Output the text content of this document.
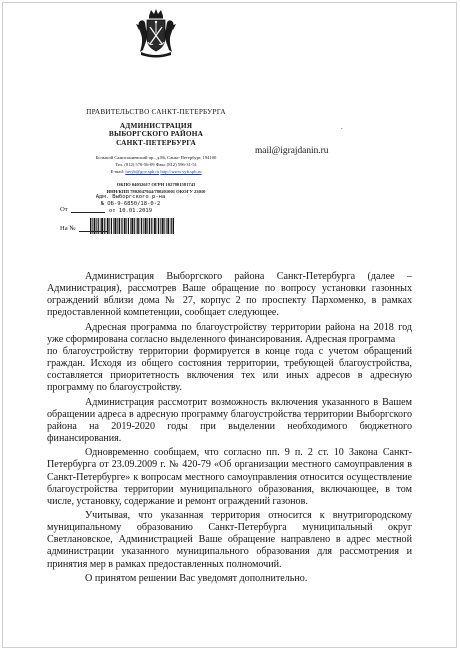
ПРАВИТЕЛЬСТВО САНКТ-ПЕТЕРБУРГА
АДМИНИСТРАЦИЯ
ВЫБОРГСКОГО РАЙОНА
САНКТ-ПЕТЕРБУРГА
Большой Сампсониевский пр., д.86, Санкт-Петербург, 194100
Тел. (812) 576-56-09 Факс (812) 596-31-51
E-mail: tuvyb@gov.spb.ru http://www.vyb.spb.ru
ОКПО 04032617 ОГРН 1027801581743
ИНН/КПП 7802047944/780201001 ОКОГУ 23010
Адм. Выборгского р-на
№ ОБ-9-6850/18-0-2
от 10.01.2019
От
На №
.
mail@igrajdanin.ru

Администрация Выборгского района Санкт-Петербурга (далее – Администрация), рассмотрев Ваше обращение по вопросу установки газонных ограждений вблизи дома № 27, корпус 2 по проспекту Пархоменко, в рамках предоставленной компетенции, сообщает следующее.

Адресная программа по благоустройству территории района на 2018 год уже сформирована согласно выделенного финансирования. Адресная программа

по благоустройству территории формируется в конце года с учетом обращений граждан. Исходя из общего состояния территории, требующей благоустройства, составляется приоритетность включения тех или иных адресов в адресную программу по благоустройству.

Администрация рассмотрит возможность включения указанного в Вашем обращении адреса в адресную программу благоустройства территории Выборгского района на 2019-2020 годы при выделении необходимого бюджетного финансирования.

Одновременно сообщаем, что согласно пп. 9 п. 2 ст. 10 Закона Санкт-Петербурга от 23.09.2009 г. № 420-79 «Об организации местного самоуправления в Санкт-Петербурге» к вопросам местного самоуправления относится осуществление благоустройства территории муниципального образования, включающее, в том числе, установку, содержание и ремонт ограждений газонов.

Учитывая, что указанная территория относится к внутригородскому муниципальному образованию Санкт-Петербурга муниципальный округ Светлановское, Администрацией Ваше обращение направлено в адрес местной администрации указанного муниципального образования для рассмотрения и принятия мер в рамках предоставленных полномочий.

О принятом решении Вас уведомят дополнительно.
